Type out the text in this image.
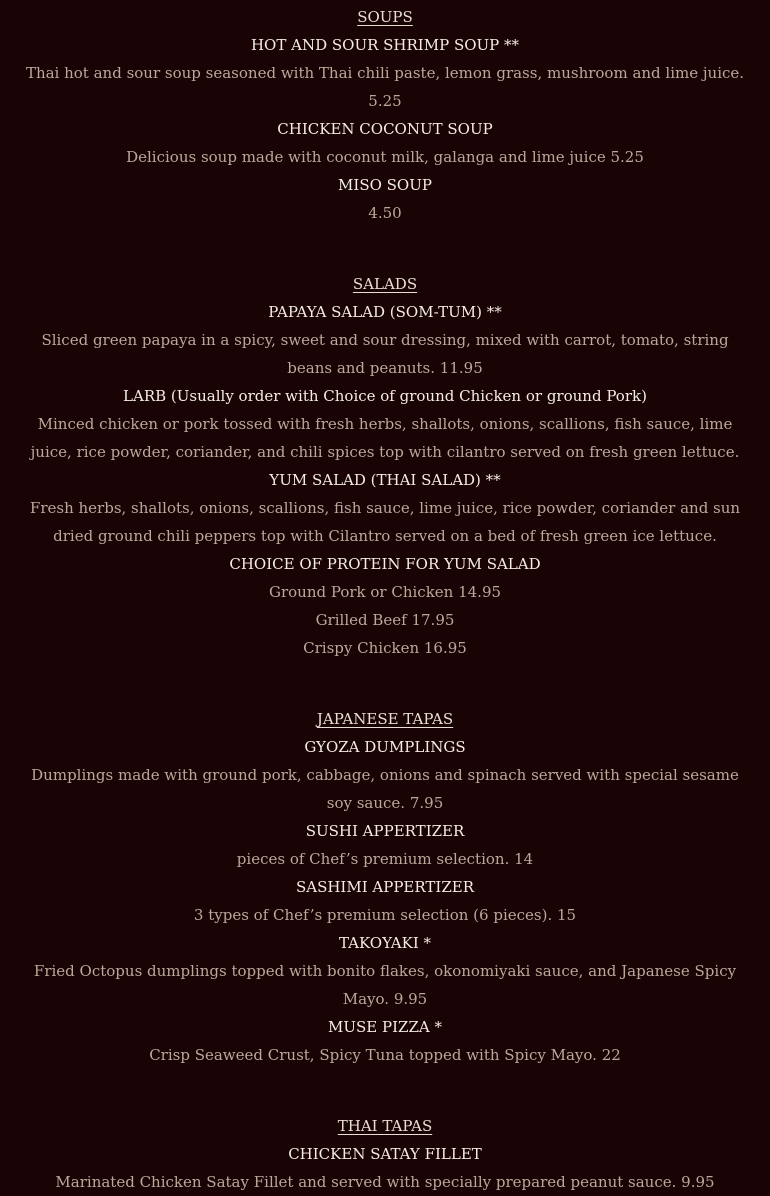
SOUPS
HOT AND SOUR SHRIMP SOUP **
Thai hot and sour soup seasoned with Thai chili paste, lemon grass, mushroom and lime juice. 5.25
CHICKEN COCONUT SOUP
Delicious soup made with coconut milk, galanga and lime juice 5.25
MISO SOUP
4.50
SALADS
PAPAYA SALAD (SOM-TUM) **
Sliced green papaya in a spicy, sweet and sour dressing, mixed with carrot, tomato, string beans and peanuts. 11.95
LARB (Usually order with Choice of ground Chicken or ground Pork)
Minced chicken or pork tossed with fresh herbs, shallots, onions, scallions, fish sauce, lime juice, rice powder, coriander, and chili spices top with cilantro served on fresh green lettuce.
YUM SALAD (THAI SALAD) **
Fresh herbs, shallots, onions, scallions, fish sauce, lime juice, rice powder, coriander and sun dried ground chili peppers top with Cilantro served on a bed of fresh green ice lettuce.
CHOICE OF PROTEIN FOR YUM SALAD
Ground Pork or Chicken 14.95
Grilled Beef 17.95
Crispy Chicken 16.95
JAPANESE TAPAS
GYOZA DUMPLINGS
Dumplings made with ground pork, cabbage, onions and spinach served with special sesame soy sauce. 7.95
SUSHI APPERTIZER
pieces of Chef’s premium selection. 14
SASHIMI APPERTIZER
3 types of Chef’s premium selection (6 pieces). 15
TAKOYAKI *
Fried Octopus dumplings topped with bonito flakes, okonomiyaki sauce, and Japanese Spicy Mayo. 9.95
MUSE PIZZA *
Crisp Seaweed Crust, Spicy Tuna topped with Spicy Mayo. 22
THAI TAPAS
CHICKEN SATAY FILLET
Marinated Chicken Satay Fillet and served with specially prepared peanut sauce. 9.95
